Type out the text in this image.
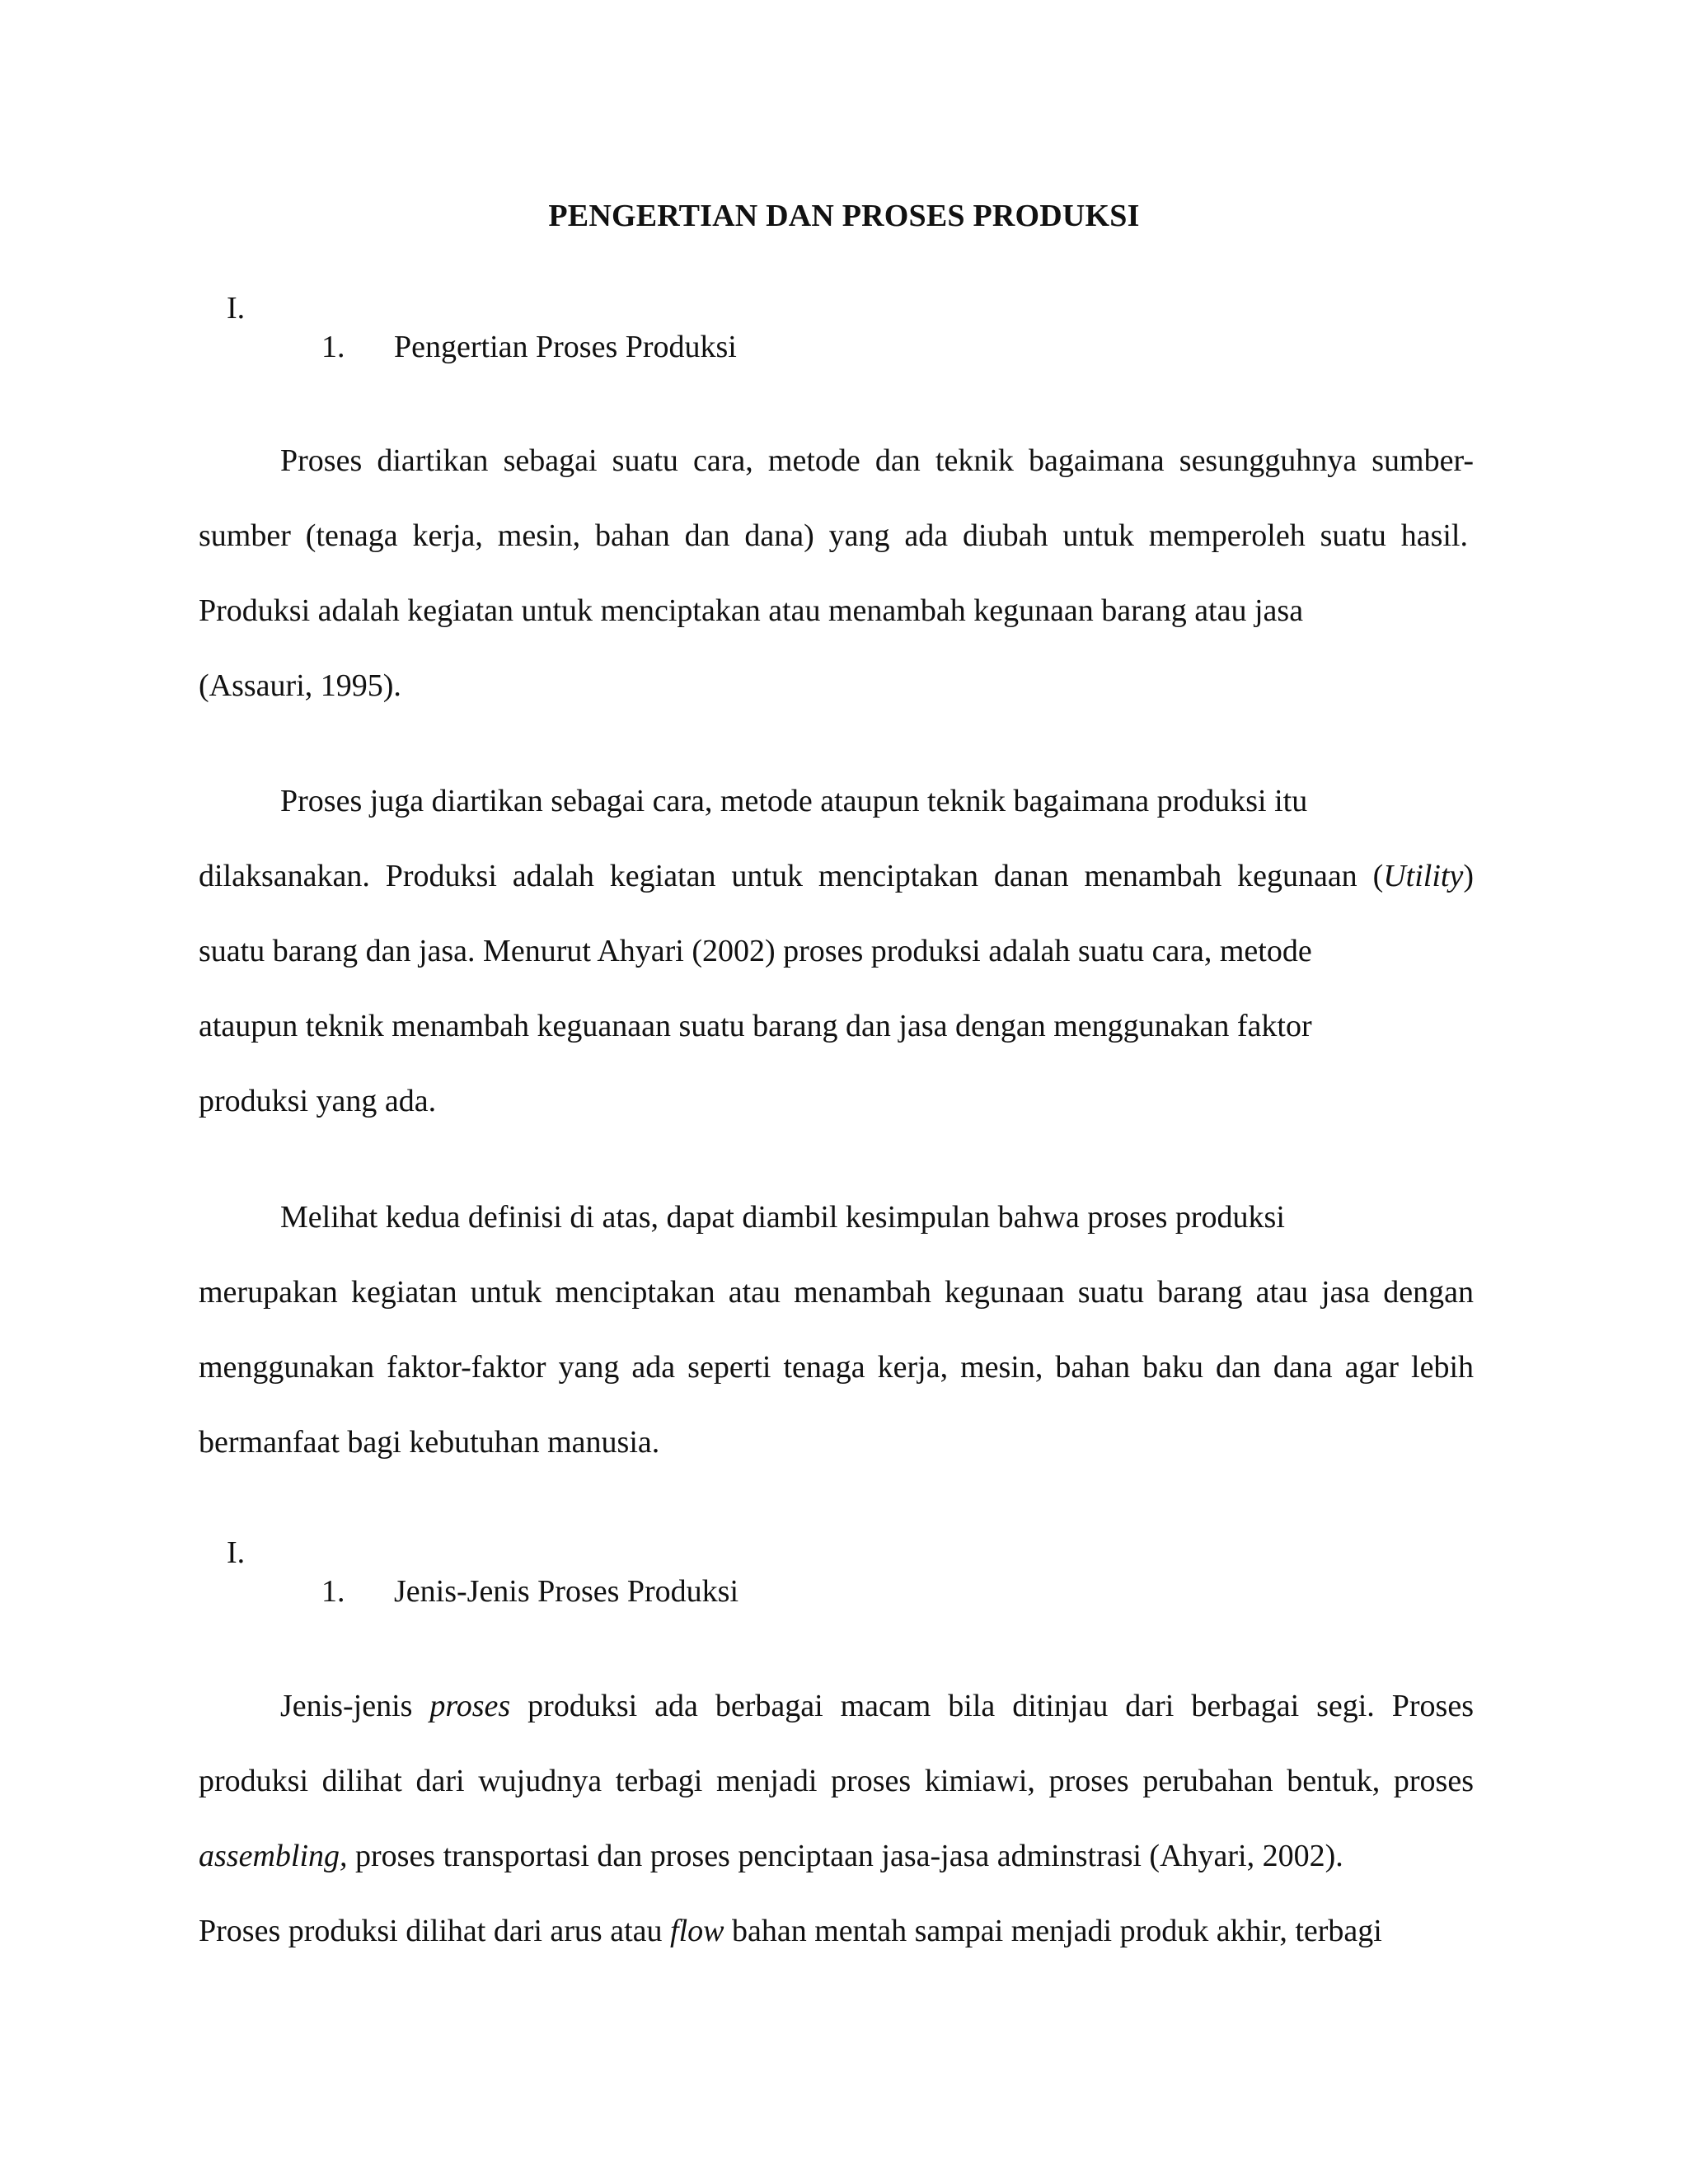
PENGERTIAN DAN PROSES PRODUKSI
I.
1. Pengertian Proses Produksi
Proses diartikan sebagai suatu cara, metode dan teknik bagaimana sesungguhnya sumber-
sumber (tenaga kerja, mesin, bahan dan dana) yang ada diubah untuk memperoleh suatu hasil.
Produksi adalah kegiatan untuk menciptakan atau menambah kegunaan barang atau jasa
(Assauri, 1995).
Proses juga diartikan sebagai cara, metode ataupun teknik bagaimana produksi itu
dilaksanakan. Produksi adalah kegiatan untuk menciptakan danan menambah kegunaan (Utility)
suatu barang dan jasa. Menurut Ahyari (2002) proses produksi adalah suatu cara, metode
ataupun teknik menambah keguanaan suatu barang dan jasa dengan menggunakan faktor
produksi yang ada.
Melihat kedua definisi di atas, dapat diambil kesimpulan bahwa proses produksi
merupakan kegiatan untuk menciptakan atau menambah kegunaan suatu barang atau jasa dengan
menggunakan faktor-faktor yang ada seperti tenaga kerja, mesin, bahan baku dan dana agar lebih
bermanfaat bagi kebutuhan manusia.
I.
1. Jenis-Jenis Proses Produksi
Jenis-jenis proses produksi ada berbagai macam bila ditinjau dari berbagai segi. Proses
produksi dilihat dari wujudnya terbagi menjadi proses kimiawi, proses perubahan bentuk, proses
assembling, proses transportasi dan proses penciptaan jasa-jasa adminstrasi (Ahyari, 2002).
Proses produksi dilihat dari arus atau flow bahan mentah sampai menjadi produk akhir, terbagi
